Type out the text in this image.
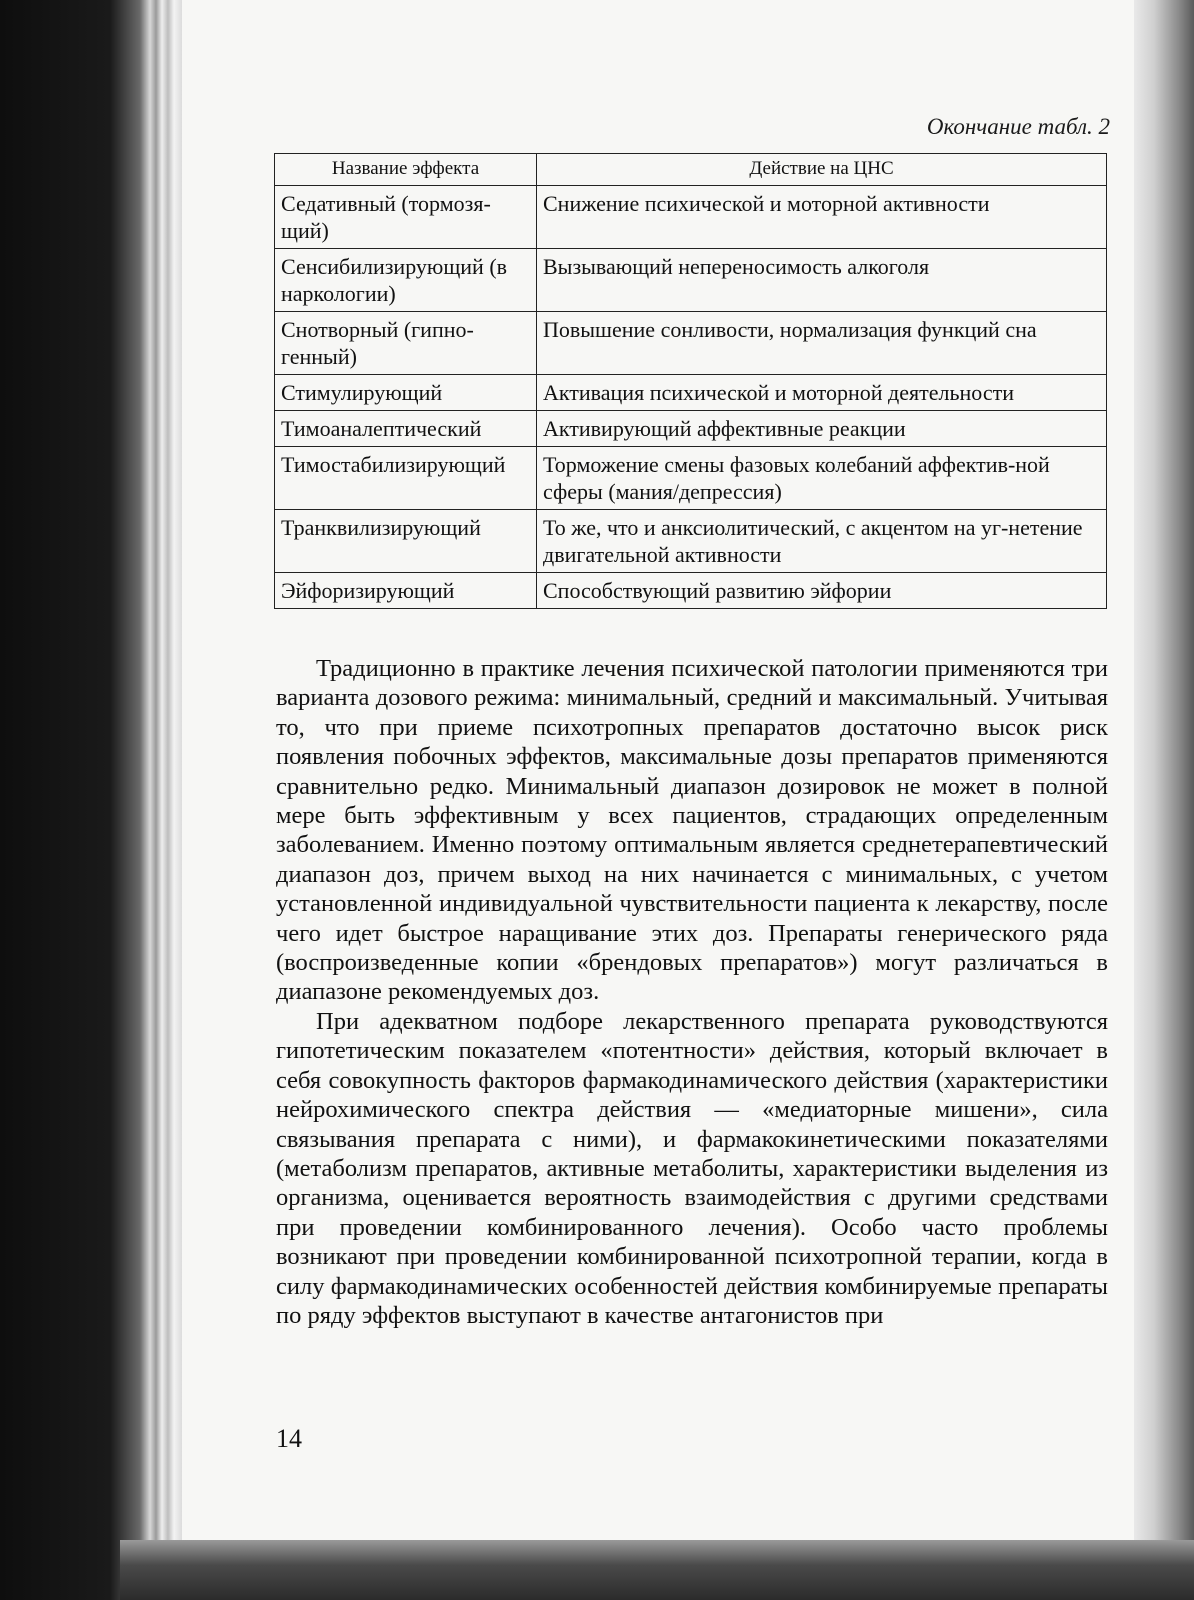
Окончание табл. 2
Название эффекта	Действие на ЦНС
Седативный (тормозя-щий)	Снижение психической и моторной активности
Сенсибилизирующий (в наркологии)	Вызывающий непереносимость алкоголя
Снотворный (гипно-генный)	Повышение сонливости, нормализация функций сна
Стимулирующий	Активация психической и моторной деятельности
Тимоаналептический	Активирующий аффективные реакции
Тимостабилизирующий	Торможение смены фазовых колебаний аффектив-ной сферы (мания/депрессия)
Транквилизирующий	То же, что и анксиолитический, с акцентом на уг-нетение двигательной активности
Эйфоризирующий	Способствующий развитию эйфории

Традиционно в практике лечения психической патологии применяются три варианта дозового режима: минимальный, средний и максимальный. Учитывая то, что при приеме психотропных препаратов достаточно высок риск появления побочных эффектов, максимальные дозы препаратов применяются сравнительно редко. Минимальный диапазон дозировок не может в полной мере быть эффективным у всех пациентов, страдающих определенным заболеванием. Именно поэтому оптимальным является среднетерапевтический диапазон доз, причем выход на них начинается с минимальных, с учетом установленной индивидуальной чувствительности пациента к лекарству, после чего идет быстрое наращивание этих доз. Препараты генерического ряда (воспроизведенные копии «брендовых препаратов») могут различаться в диапазоне рекомендуемых доз.

При адекватном подборе лекарственного препарата руководствуются гипотетическим показателем «потентности» действия, который включает в себя совокупность факторов фармакодинамического действия (характеристики нейрохимического спектра действия — «медиаторные мишени», сила связывания препарата с ними), и фармакокинетическими показателями (метаболизм препаратов, активные метаболиты, характеристики выделения из организма, оценивается вероятность взаимодействия с другими средствами при проведении комбинированного лечения). Особо часто проблемы возникают при проведении комбинированной психотропной терапии, когда в силу фармакодинамических особенностей действия комбинируемые препараты по ряду эффектов выступают в качестве антагонистов при

14
